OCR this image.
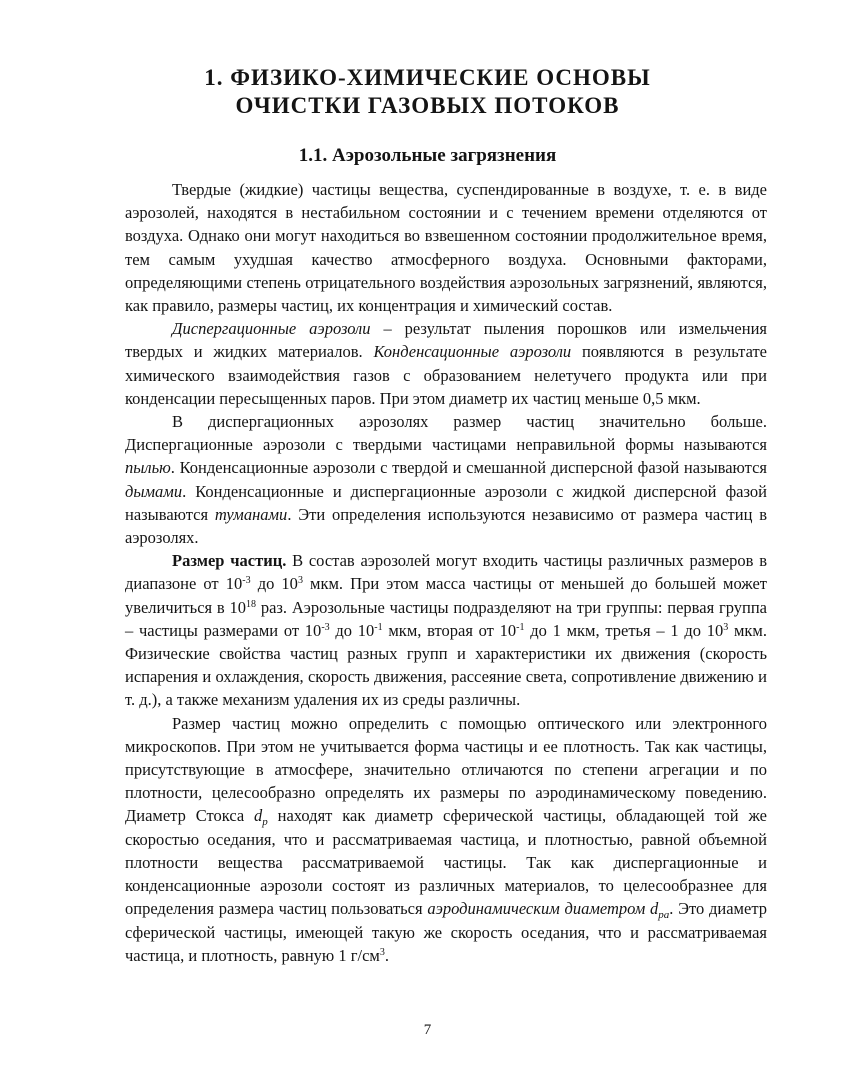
1. ФИЗИКО-ХИМИЧЕСКИЕ ОСНОВЫ
ОЧИСТКИ ГАЗОВЫХ ПОТОКОВ
1.1. Аэрозольные загрязнения

Твердые (жидкие) частицы вещества, суспендированные в воздухе, т. е. в виде аэрозолей, находятся в нестабильном состоянии и с течением времени отделяются от воздуха. Однако они могут находиться во взвешенном состоянии продолжительное время, тем самым ухудшая качество атмосферного воздуха. Основными факторами, определяющими степень отрицательного воздействия аэрозольных загрязнений, являются, как правило, размеры частиц, их концентрация и химический состав.

Диспергационные аэрозоли – результат пыления порошков или измельчения твердых и жидких материалов. Конденсационные аэрозоли появляются в результате химического взаимодействия газов с образованием нелетучего продукта или при конденсации пересыщенных паров. При этом диаметр их частиц меньше 0,5 мкм.

В диспергационных аэрозолях размер частиц значительно больше. Диспергационные аэрозоли с твердыми частицами неправильной формы называются пылью. Конденсационные аэрозоли с твердой и смешанной дисперсной фазой называются дымами. Конденсационные и диспергационные аэрозоли с жидкой дисперсной фазой называются туманами. Эти определения используются независимо от размера частиц в аэрозолях.

Размер частиц. В состав аэрозолей могут входить частицы различных размеров в диапазоне от $10^{-3}$ до $10^3$ мкм. При этом масса частицы от меньшей до большей может увеличиться в $10^{18}$ раз. Аэрозольные частицы подразделяют на три группы: первая группа – частицы размерами от $10^{-3}$ до $10^{-1}$ мкм, вторая от $10^{-1}$ до 1 мкм, третья – 1 до $10^3$ мкм. Физические свойства частиц разных групп и характеристики их движения (скорость испарения и охлаждения, скорость движения, рассеяние света, сопротивление движению и т. д.), а также механизм удаления их из среды различны.

Размер частиц можно определить с помощью оптического или электронного микроскопов. При этом не учитывается форма частицы и ее плотность. Так как частицы, присутствующие в атмосфере, значительно отличаются по степени агрегации и по плотности, целесообразно определять их размеры по аэродинамическому поведению. Диаметр Стокса $d_p$ находят как диаметр сферической частицы, обладающей той же скоростью оседания, что и рассматриваемая частица, и плотностью, равной объемной плотности вещества рассматриваемой частицы. Так как диспергационные и конденсационные аэрозоли состоят из различных материалов, то целесообразнее для определения размера частиц пользоваться аэродинамическим диаметром $d_{pa}$. Это диаметр сферической частицы, имеющей такую же скорость оседания, что и рассматриваемая частица, и плотность, равную 1 $г/см^3$.

7
